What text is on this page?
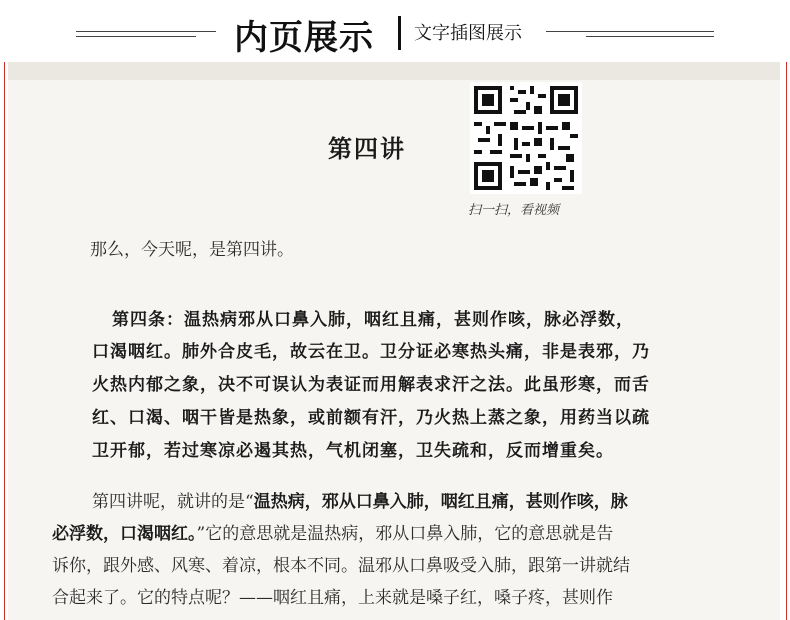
内页展示 文字插图展示
第四讲
扫一扫，看视频
那么，今天呢，是第四讲。
第四条：温热病邪从口鼻入肺，咽红且痛，甚则作咳，脉必浮数，
口渴咽红。肺外合皮毛，故云在卫。卫分证必寒热头痛，非是表邪，乃
火热内郁之象，决不可误认为表证而用解表求汗之法。此虽形寒，而舌
红、口渴、咽干皆是热象，或前额有汗，乃火热上蒸之象，用药当以疏
卫开郁，若过寒凉必遏其热，气机闭塞，卫失疏和，反而增重矣。
第四讲呢，就讲的是“温热病，邪从口鼻入肺，咽红且痛，甚则作咳，脉
必浮数，口渴咽红。”它的意思就是温热病，邪从口鼻入肺，它的意思就是告
诉你，跟外感、风寒、着凉，根本不同。温邪从口鼻吸受入肺，跟第一讲就结
合起来了。它的特点呢？——咽红且痛，上来就是嗓子红，嗓子疼，甚则作
